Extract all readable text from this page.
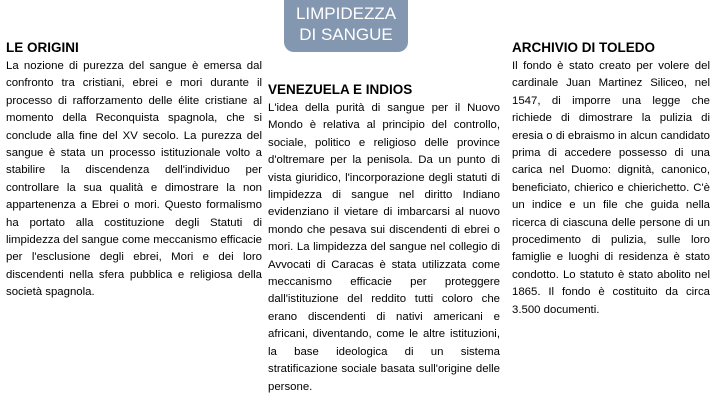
LIMPIDEZZA
DI SANGUE
LE ORIGINI

La nozione di purezza del sangue è emersa dal confronto tra cristiani, ebrei e mori durante il processo di rafforzamento delle élite cristiane al momento della Reconquista spagnola, che si conclude alla fine del XV secolo. La purezza del sangue è stata un processo istituzionale volto a stabilire la discendenza dell'individuo per controllare la sua qualità e dimostrare la non appartenenza a Ebrei o mori. Questo formalismo ha portato alla costituzione degli Statuti di limpidezza del sangue come meccanismo efficacie per l'esclusione degli ebrei, Mori e dei loro discendenti nella sfera pubblica e religiosa della società spagnola.

VENEZUELA E INDIOS

L'idea della purità di sangue per il Nuovo Mondo è relativa al principio del controllo, sociale, politico e religioso delle province d'oltremare per la penisola. Da un punto di vista giuridico, l'incorporazione degli statuti di limpidezza di sangue nel diritto Indiano evidenziano il vietare di imbarcarsi al nuovo mondo che pesava sui discendenti di ebrei o mori. La limpidezza del sangue nel collegio di Avvocati di Caracas è stata utilizzata come meccanismo efficacie per proteggere dall'istituzione del reddito tutti coloro che erano discendenti di nativi americani e africani, diventando, come le altre istituzioni, la base ideologica di un sistema stratificazione sociale basata sull'origine delle persone.

ARCHIVIO DI TOLEDO

Il fondo è stato creato per volere del cardinale Juan Martinez Siliceo, nel 1547, di imporre una legge che richiede di dimostrare la pulizia di eresia o di ebraismo in alcun candidato prima di accedere possesso di una carica nel Duomo: dignità, canonico, beneficiato, chierico e chierichetto. C'è un indice e un file che guida nella ricerca di ciascuna delle persone di un procedimento di pulizia, sulle loro famiglie e luoghi di residenza è stato condotto. Lo statuto è stato abolito nel 1865. Il fondo è costituito da circa 3.500 documenti.
